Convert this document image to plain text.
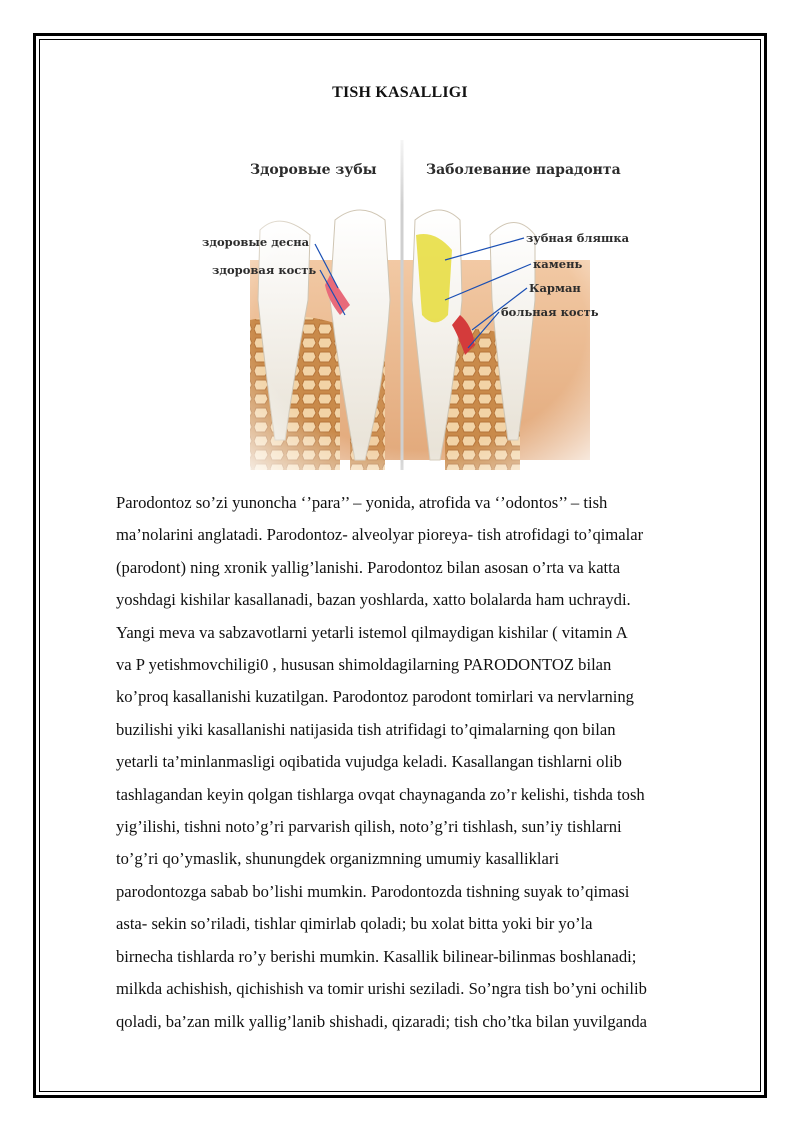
TISH KASALLIGI
Здоровые зубы	Заболевание парадонта
здоровые десна
здоровая кость
зубная бляшка
камень
Карман
больная кость

Parodontoz so’zi yunoncha ‘’para’’ – yonida, atrofida va ‘’odontos’’ – tish

ma’nolarini anglatadi. Parodontoz- alveolyar pioreya- tish atrofidagi to’qimalar

(parodont) ning xronik yallig’lanishi. Parodontoz bilan asosan o’rta va katta

yoshdagi kishilar kasallanadi, bazan yoshlarda, xatto bolalarda ham uchraydi.

Yangi meva va sabzavotlarni yetarli istemol qilmaydigan kishilar ( vitamin A

va P yetishmovchiligi0 , hususan shimoldagilarning PARODONTOZ bilan

ko’proq kasallanishi kuzatilgan. Parodontoz parodont tomirlari va nervlarning

buzilishi yiki kasallanishi natijasida tish atrifidagi to’qimalarning qon bilan

yetarli ta’minlanmasligi oqibatida vujudga keladi. Kasallangan tishlarni olib

tashlagandan keyin qolgan tishlarga ovqat chaynaganda zo’r kelishi, tishda tosh

yig’ilishi, tishni noto’g’ri parvarish qilish, noto’g’ri tishlash, sun’iy tishlarni

to’g’ri qo’ymaslik, shunungdek organizmning umumiy kasalliklari

parodontozga sabab bo’lishi mumkin. Parodontozda tishning suyak to’qimasi

asta- sekin so’riladi, tishlar qimirlab qoladi; bu xolat bitta yoki bir yo’la

birnecha tishlarda ro’y berishi mumkin. Kasallik bilinear-bilinmas boshlanadi;

milkda achishish, qichishish va tomir urishi seziladi. So’ngra tish bo’yni ochilib

qoladi, ba’zan milk yallig’lanib shishadi, qizaradi; tish cho’tka bilan yuvilganda
